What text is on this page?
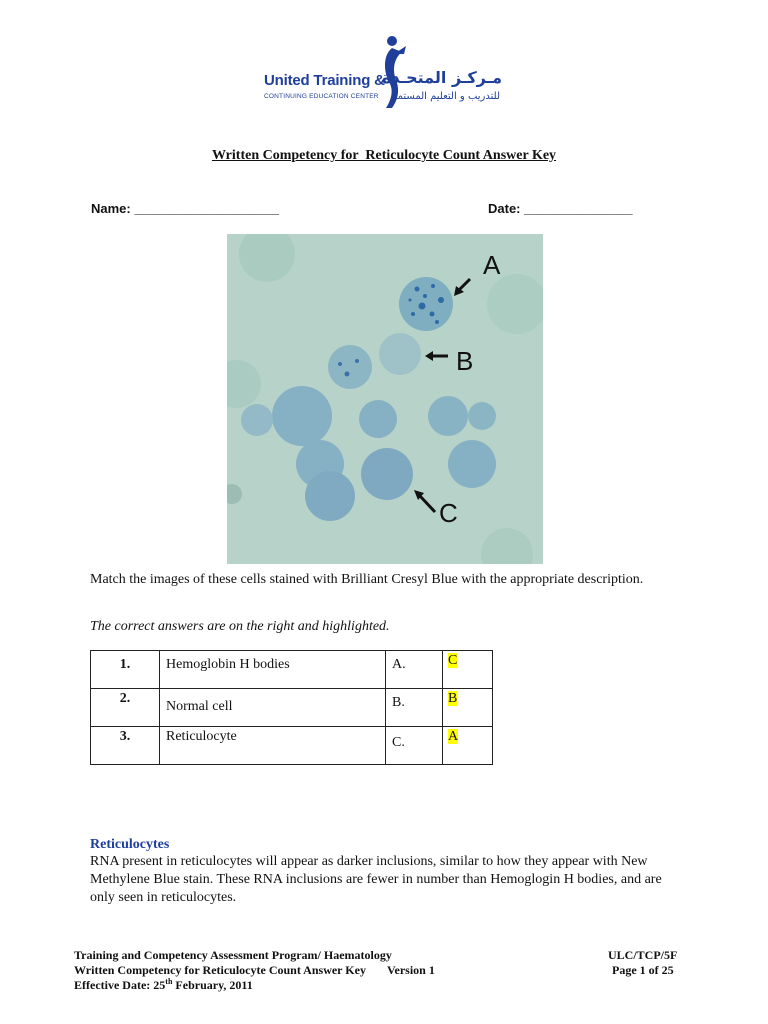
United Training &
CONTINUING EDUCATION CENTER
مـركـز المتحـدة
للتدريب و التعليم المستمر
Written Competency for  Reticulocyte Count Answer Key
Name: ____________________	Date: _______________
A
B
C
Match the images of these cells stained with Brilliant Cresyl Blue with the appropriate description.
The correct answers are on the right and highlighted.
1.	Hemoglobin H bodies	A.	C
2.	Normal cell	B.	B
3.	Reticulocyte	C.	A
Reticulocytes
RNA present in reticulocytes will appear as darker inclusions, similar to how they appear with New Methylene Blue stain. These RNA inclusions are fewer in number than Hemoglogin H bodies, and are only seen in reticulocytes.
Training and Competency Assessment Program/ Haematology
Written Competency for Reticulocyte Count Answer Key Version 1
Effective Date: 25th February, 2011
ULC/TCP/5F
Page 1 of 25
